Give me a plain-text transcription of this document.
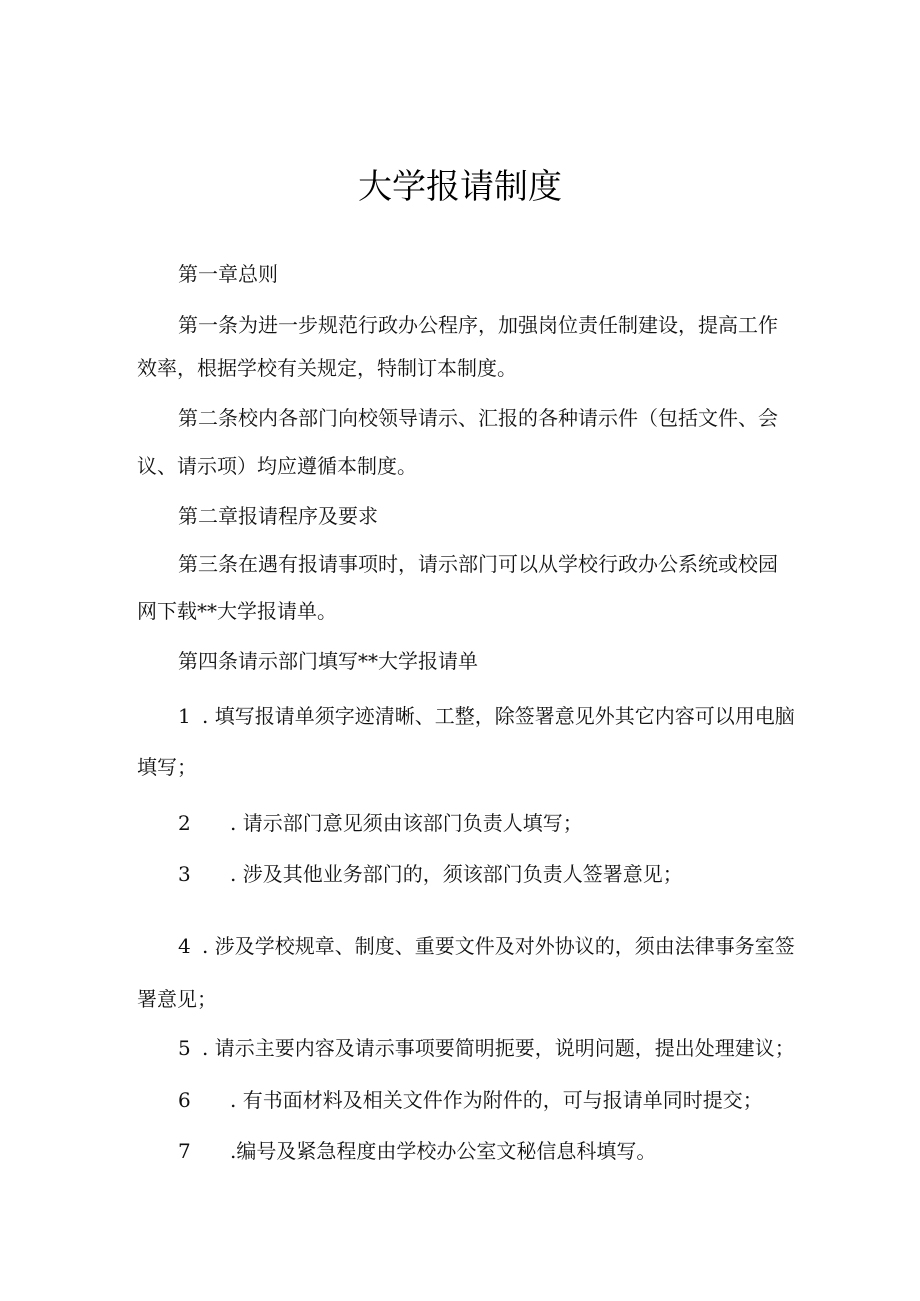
大学报请制度
第一章总则
第一条为进一步规范行政办公程序，加强岗位责任制建设，提高工作
效率，根据学校有关规定，特制订本制度。
第二条校内各部门向校领导请示、汇报的各种请示件（包括文件、会
议、请示项）均应遵循本制度。
第二章报请程序及要求
第三条在遇有报请事项时，请示部门可以从学校行政办公系统或校园
网下载**大学报请单。
第四条请示部门填写**大学报请单
1 . 填写报请单须字迹清晰、工整，除签署意见外其它内容可以用电脑
填写；
2 . 请示部门意见须由该部门负责人填写；
3 . 涉及其他业务部门的，须该部门负责人签署意见；
4 . 涉及学校规章、制度、重要文件及对外协议的，须由法律事务室签
署意见；
5 . 请示主要内容及请示事项要简明扼要，说明问题，提出处理建议；
6 . 有书面材料及相关文件作为附件的，可与报请单同时提交；
7 .编号及紧急程度由学校办公室文秘信息科填写。
